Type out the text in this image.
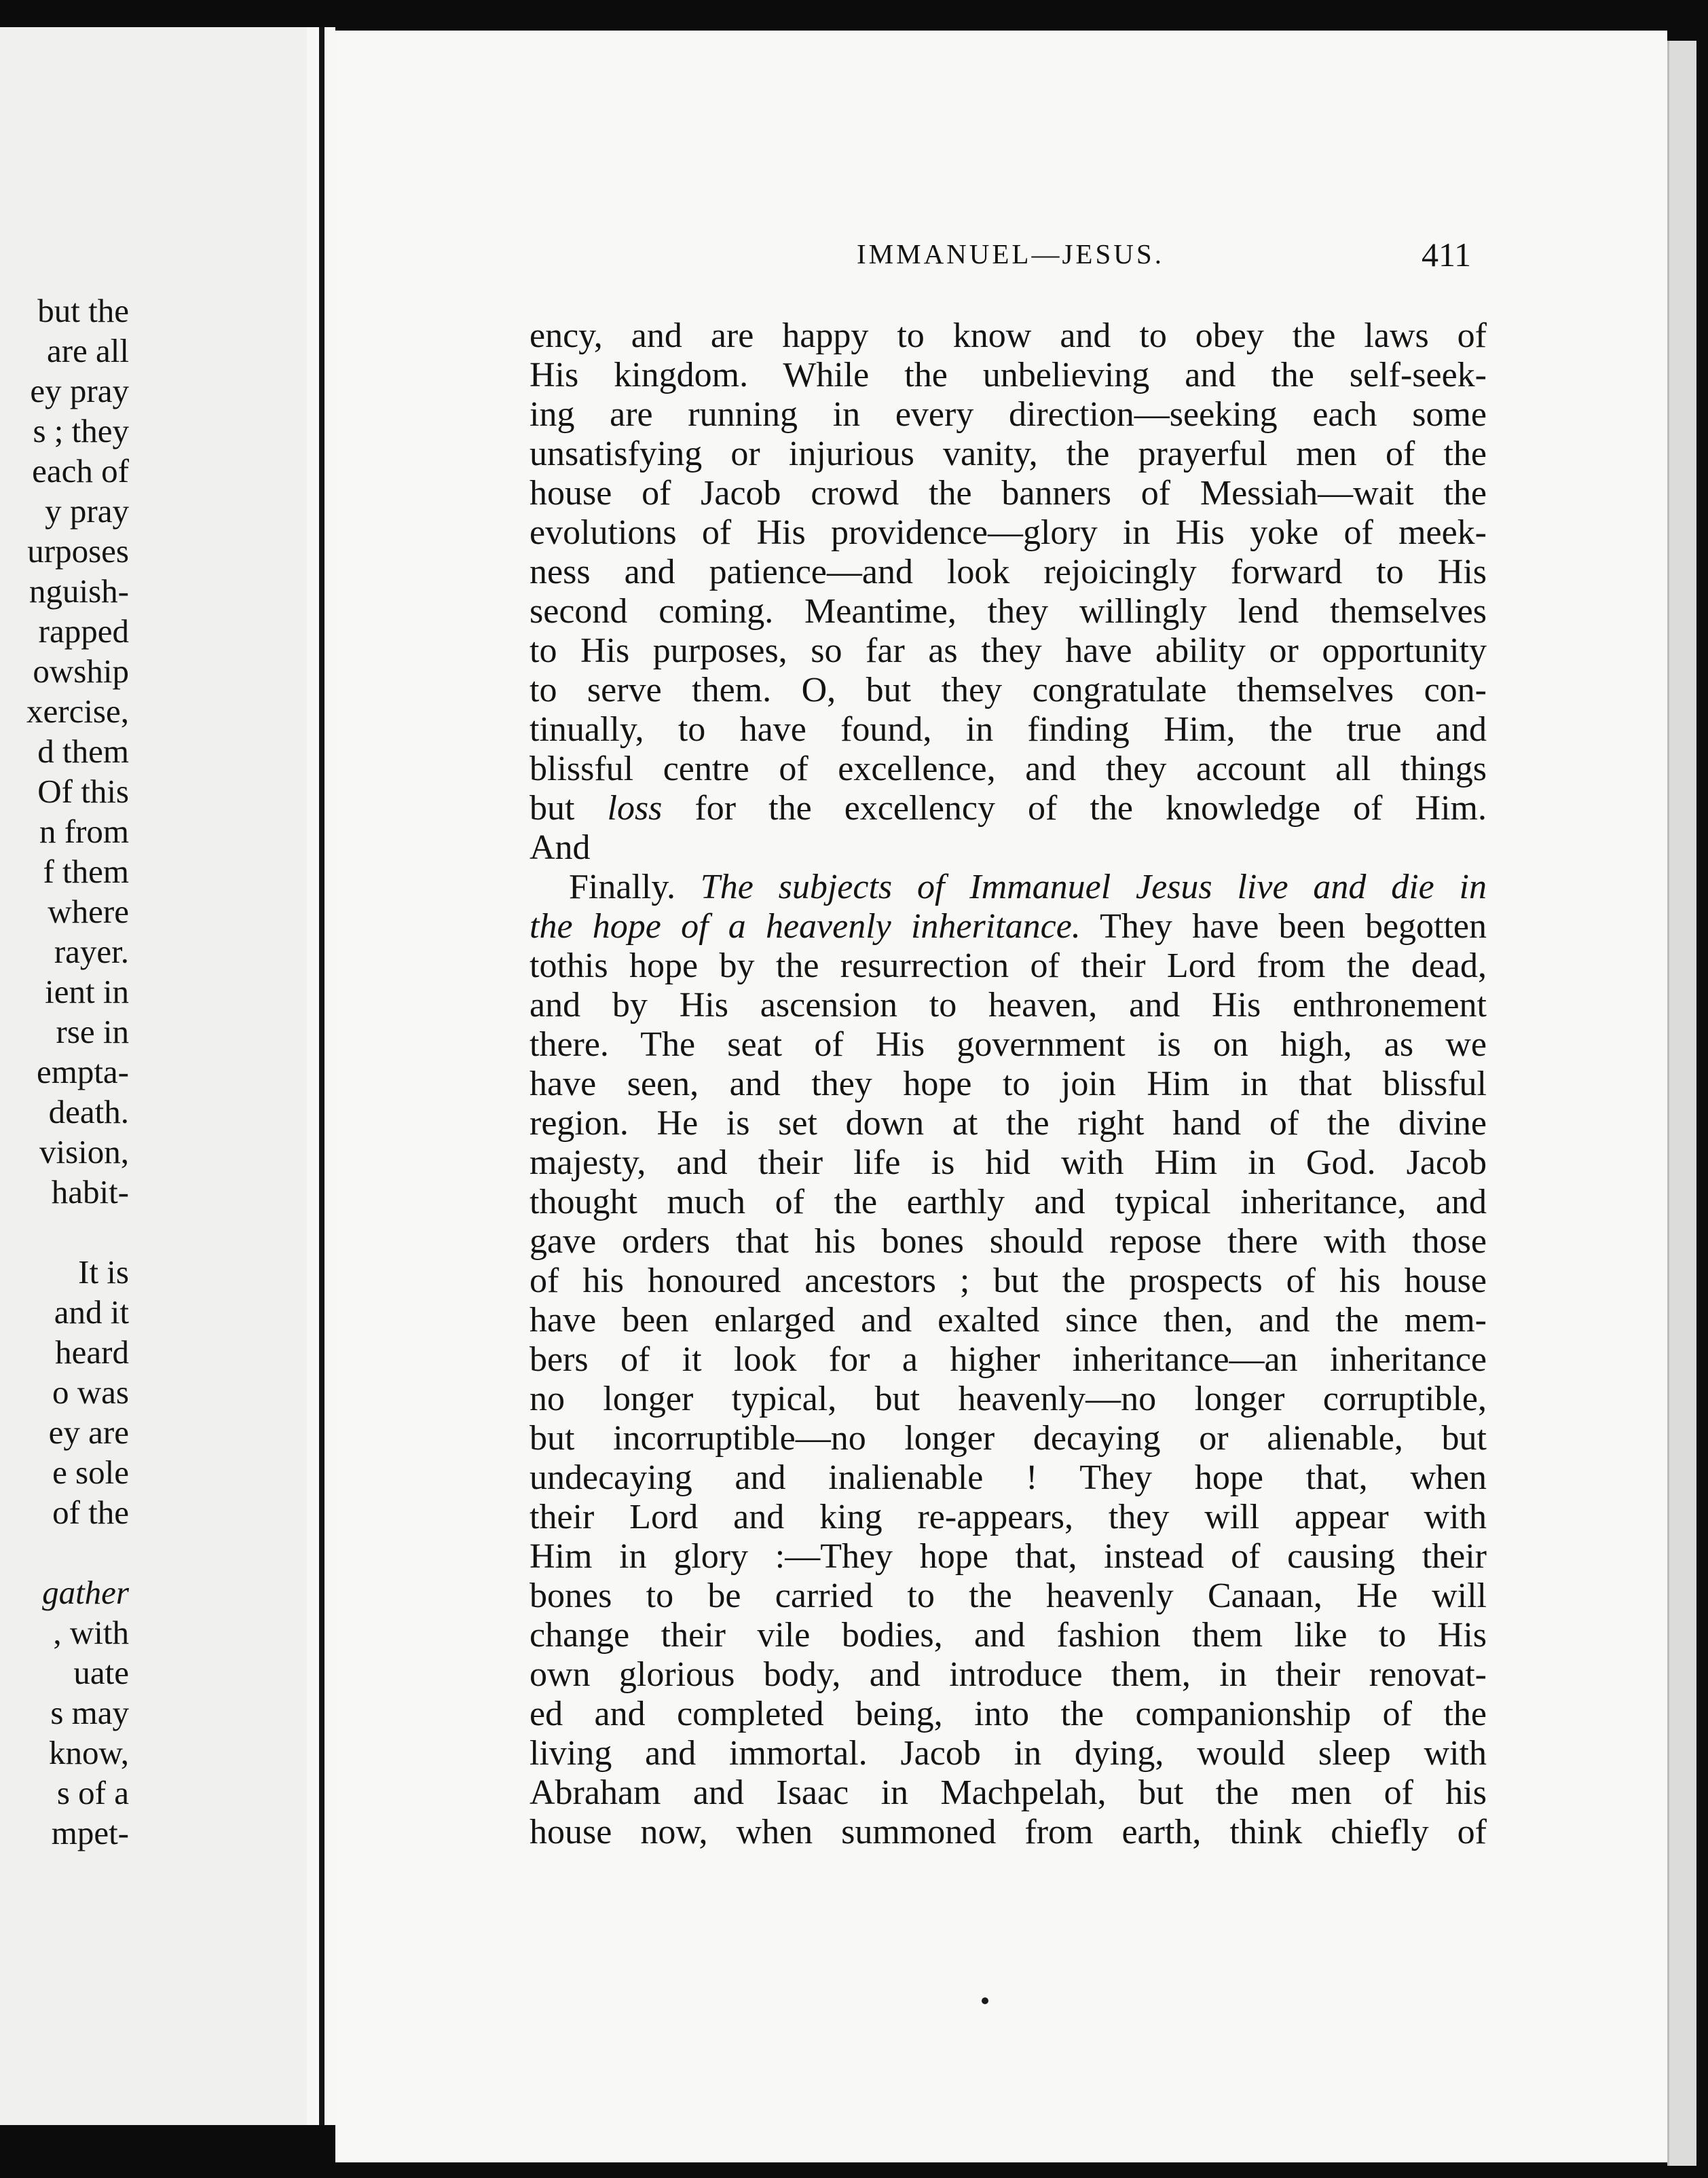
but the
are all
ey pray
s ; they
each of
y pray
urposes
nguish-
rapped
owship
xercise,
d them
Of this
n from
f them
where
rayer.
ient in
rse in
empta-
death.
vision,
habit-
It is
and it
heard
o was
ey are
e sole
of the
gather
, with
uate
s may
know,
s of a
mpet-
IMMANUEL—JESUS.	411
ency, and are happy to know and to obey the laws of
His kingdom. While the unbelieving and the self-seek-
ing are running in every direction—seeking each some
unsatisfying or injurious vanity, the prayerful men of the
house of Jacob crowd the banners of Messiah—wait the
evolutions of His providence—glory in His yoke of meek-
ness and patience—and look rejoicingly forward to His
second coming. Meantime, they willingly lend themselves
to His purposes, so far as they have ability or opportunity
to serve them. O, but they congratulate themselves con-
tinually, to have found, in finding Him, the true and
blissful centre of excellence, and they account all things
but loss for the excellency of the knowledge of Him.
And
Finally. The subjects of Immanuel Jesus live and die in
the hope of a heavenly inheritance. They have been begotten
tothis hope by the resurrection of their Lord from the dead,
and by His ascension to heaven, and His enthronement
there. The seat of His government is on high, as we
have seen, and they hope to join Him in that blissful
region. He is set down at the right hand of the divine
majesty, and their life is hid with Him in God. Jacob
thought much of the earthly and typical inheritance, and
gave orders that his bones should repose there with those
of his honoured ancestors ; but the prospects of his house
have been enlarged and exalted since then, and the mem-
bers of it look for a higher inheritance—an inheritance
no longer typical, but heavenly—no longer corruptible,
but incorruptible—no longer decaying or alienable, but
undecaying and inalienable ! They hope that, when
their Lord and king re-appears, they will appear with
Him in glory :—They hope that, instead of causing their
bones to be carried to the heavenly Canaan, He will
change their vile bodies, and fashion them like to His
own glorious body, and introduce them, in their renovat-
ed and completed being, into the companionship of the
living and immortal. Jacob in dying, would sleep with
Abraham and Isaac in Machpelah, but the men of his
house now, when summoned from earth, think chiefly of
